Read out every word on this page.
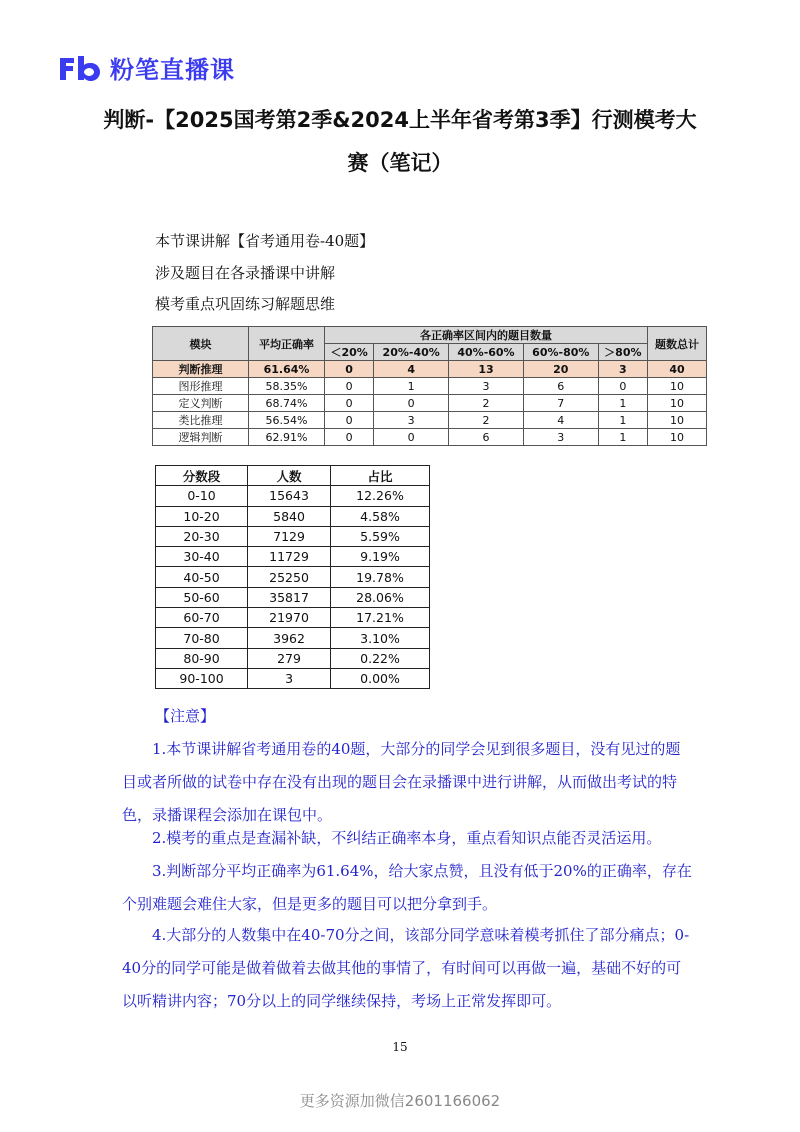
粉笔直播课
判断-【2025国考第2季&2024上半年省考第3季】行测模考大
赛（笔记）
本节课讲解【省考通用卷-40题】
涉及题目在各录播课中讲解
模考重点巩固练习解题思维
模块	平均正确率	各正确率区间内的题目数量					题数总计
		＜20%	20%-40%	40%-60%	60%-80%	＞80%	
判断推理	61.64%	0	4	13	20	3	40
图形推理	58.35%	0	1	3	6	0	10
定义判断	68.74%	0	0	2	7	1	10
类比推理	56.54%	0	3	2	4	1	10
逻辑判断	62.91%	0	0	6	3	1	10
分数段	人数	占比
0-10	15643	12.26%
10-20	5840	4.58%
20-30	7129	5.59%
30-40	11729	9.19%
40-50	25250	19.78%
50-60	35817	28.06%
60-70	21970	17.21%
70-80	3962	3.10%
80-90	279	0.22%
90-100	3	0.00%
【注意】
1.本节课讲解省考通用卷的40题，大部分的同学会见到很多题目，没有见过的题目或者所做的试卷中存在没有出现的题目会在录播课中进行讲解，从而做出考试的特色，录播课程会添加在课包中。
2.模考的重点是查漏补缺，不纠结正确率本身，重点看知识点能否灵活运用。
3.判断部分平均正确率为61.64%，给大家点赞，且没有低于20%的正确率，存在个别难题会难住大家，但是更多的题目可以把分拿到手。
4.大部分的人数集中在40-70分之间，该部分同学意味着模考抓住了部分痛点；0-40分的同学可能是做着做着去做其他的事情了，有时间可以再做一遍，基础不好的可以听精讲内容；70分以上的同学继续保持，考场上正常发挥即可。
15
更多资源加微信2601166062
